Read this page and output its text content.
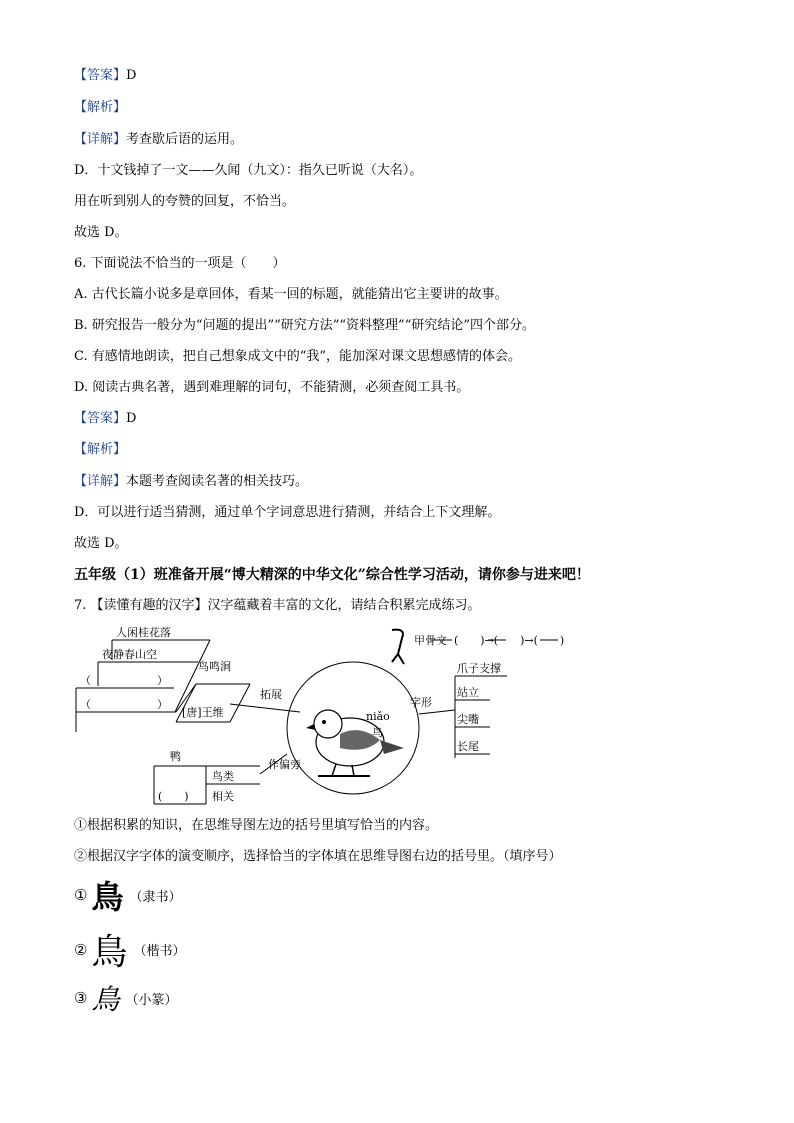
【答案】D
【解析】
【详解】考查歇后语的运用。
D．十文钱掉了一文——久闻（九文）：指久已听说（大名）。
用在听到别人的夸赞的回复，不恰当。
故选 D。
6. 下面说法不恰当的一项是（　　）
A. 古代长篇小说多是章回体，看某一回的标题，就能猜出它主要讲的故事。
B. 研究报告一般分为“问题的提出”“研究方法”“资料整理”“研究结论”四个部分。
C. 有感情地朗读，把自己想象成文中的“我”，能加深对课文思想感情的体会。
D. 阅读古典名著，遇到难理解的词句，不能猜测，必须查阅工具书。
【答案】D
【解析】
【详解】本题考查阅读名著的相关技巧。
D．可以进行适当猜测，通过单个字词意思进行猜测，并结合上下文理解。
故选 D。
五年级（1）班准备开展“博大精深的中华文化”综合性学习活动，请你参与进来吧！
7. 【读懂有趣的汉字】汉字蕴藏着丰富的文化，请结合积累完成练习。
人闲桂花落
夜静春山空
（　　　　　　）
（　　　　　　）
鸟鸣涧
[唐]王维
拓展
niǎo
鸟
字形
爪子支撑
站立
尖嘴
长尾
甲骨文 (　　)→(　　)→(　　)
作偏旁
鸟类
相关
鸭
(　　)
①根据积累的知识，在思维导图左边的括号里填写恰当的内容。
②根据汉字字体的演变顺序，选择恰当的字体填在思维导图右边的括号里。（填序号）
① 鳥 （隶书）
② 鳥 （楷书）
③ 鳥 （小篆）
